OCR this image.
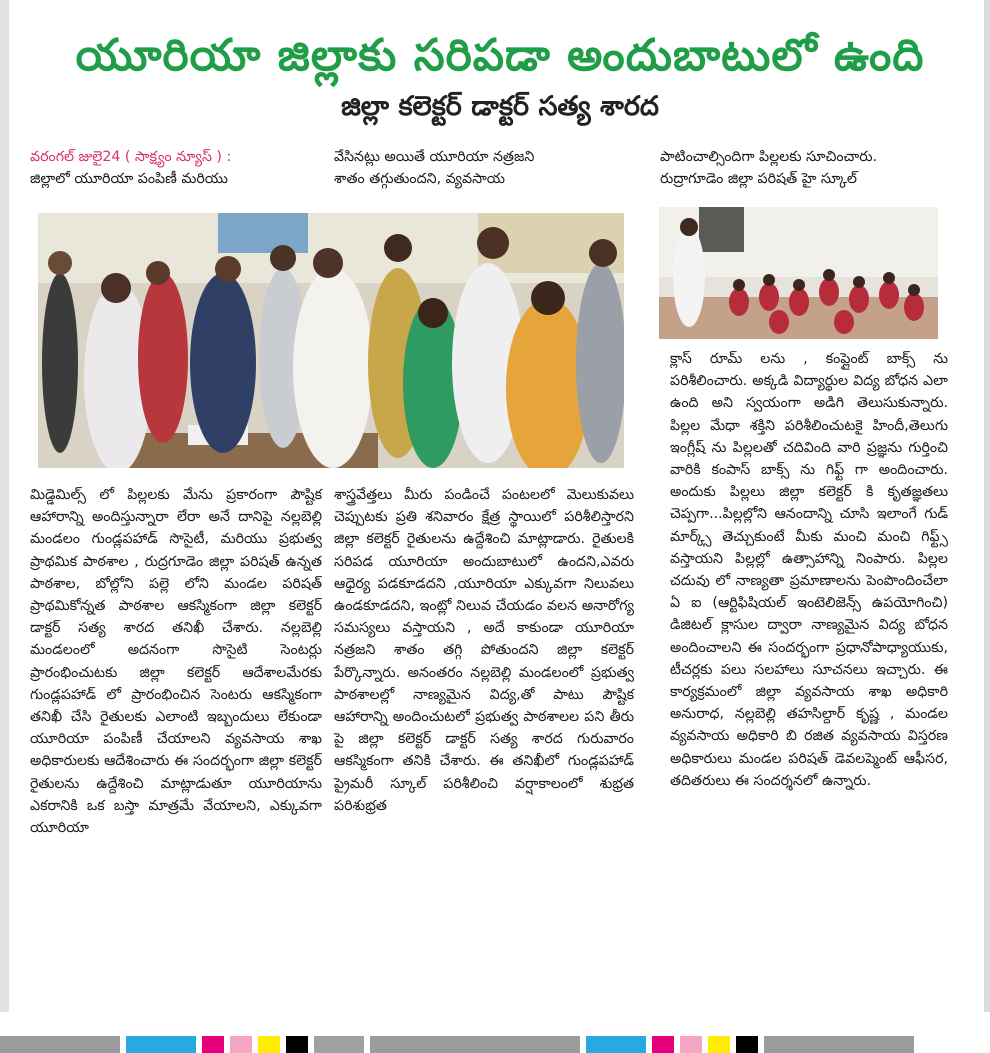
యూరియా జిల్లాకు సరిపడా అందుబాటులో ఉంది
జిల్లా కలెక్టర్ డాక్టర్ సత్య శారద

వరంగల్ జులై24 ( సాక్ష్యం న్యూస్ ) :

జిల్లాలో యూరియా పంపిణీ మరియు

వేసినట్లు అయితే యూరియా నత్రజని

శాతం తగ్గుతుందని, వ్యవసాయ

పాటించాల్సిందిగా పిల్లలకు సూచించారు.

రుద్రాగూడెం జిల్లా పరిషత్ హై స్కూల్

క్లాస్ రూమ్ లను , కంప్లైంట్ బాక్స్ ను పరిశీలించారు. అక్కడి విద్యార్థుల విద్య బోధన ఎలా ఉంది అని స్వయంగా అడిగి తెలుసుకున్నారు. పిల్లల మేధా శక్తిని పరిశీలించుటకై హిందీ,తెలుగు ఇంగ్లీష్ ను పిల్లలతో చదివింది వారి ప్రజ్ఞను గుర్తించి వారికి కంపాస్ బాక్స్ ను గిఫ్ట్ గా అందించారు. అందుకు పిల్లలు జిల్లా కలెక్టర్ కి కృతజ్ఞతలు చెప్పగా...పిల్లల్లోని ఆనందాన్ని చూసి ఇలాంగే గుడ్ మార్క్స్ తెచ్చుకుంటే మీకు మంచి మంచి గిఫ్ట్స్ వస్తాయని పిల్లల్లో ఉత్సాహాన్ని నింపారు. పిల్లల చదువు లో నాణ్యతా ప్రమాణాలను పెంపొందించేలా ఏ ఐ (ఆర్టిఫిషియల్ ఇంటెలిజెన్స్ ఉపయోగించి) డిజిటల్ క్లాసుల ద్వారా నాణ్యమైన విద్య బోధన అందించాలని ఈ సందర్భంగా ప్రధానోపాధ్యాయుకు, టీచర్లకు పలు సలహాలు సూచనలు ఇచ్చారు. ఈ కార్యక్రమంలో జిల్లా వ్యవసాయ శాఖ అధికారి అనురాధ, నల్లబెల్లి తహసిల్దార్ కృష్ణ , మండల వ్యవసాయ అధికారి బి రజిత వ్యవసాయ విస్తరణ అధికారులు మండల పరిషత్ డెవలప్మెంట్ ఆఫీసర, తదితరులు ఈ సందర్శనలో ఉన్నారు.

మిడ్డెమిల్స్ లో పిల్లలకు మేను ప్రకారంగా పౌష్టిక ఆహారాన్ని అందిస్తున్నారా లేరా అనే దానిపై నల్లబెల్లి మండలం గుండ్లపహాడ్ సొసైటీ, మరియు ప్రభుత్వ ప్రాథమిక పాఠశాల , రుద్రగూడెం జిల్లా పరిషత్ ఉన్నత పాఠశాల, బోల్లోని పల్లె లోని మండల పరిషత్ ప్రాథమికోన్నత పాఠశాల ఆకస్మికంగా జిల్లా కలెక్టర్ డాక్టర్ సత్య శారద తనిఖీ చేశారు. నల్లబెల్లి మండలంలో అదనంగా సొసైటి సెంటర్లు ప్రారంభించుటకు జిల్లా కలెక్టర్ ఆదేశాలమేరకు గుండ్లపహాడ్ లో ప్రారంభించిన సెంటరు ఆకస్మికంగా తనిఖీ చేసి రైతులకు ఎలాంటి ఇబ్బందులు లేకుండా యూరియా పంపిణీ చేయాలని వ్యవసాయ శాఖ అధికారులకు ఆదేశించారు ఈ సందర్భంగా జిల్లా కలెక్టర్ రైతులను ఉద్దేశించి మాట్లాడుతూ యూరియాను ఎకరానికి ఒక బస్తా మాత్రమే వేయాలని, ఎక్కువగా యూరియా

శాస్త్రవేత్తలు మీరు పండించే పంటలలో మెలుకువలు చెప్పుటకు ప్రతి శనివారం క్షేత్ర స్థాయిలో పరిశీలిస్తారని జిల్లా కలెక్టర్ రైతులను ఉద్దేశించి మాట్లాడారు. రైతులకి సరిపడ యూరియా అందుబాటులో ఉందని,ఎవరు ఆధైర్య పడకూడదని ,యూరియా ఎక్కువగా నిలువలు ఉండకూడదని, ఇంట్లో నిలువ చేయడం వలన అనారోగ్య సమస్యలు వస్తాయని , అదే కాకుండా యూరియా నత్రజని శాతం తగ్గి పోతుందని జిల్లా కలెక్టర్ పేర్కొన్నారు. అనంతరం నల్లబెల్లి మండలంలో ప్రభుత్వ పాఠశాలల్లో నాణ్యమైన విద్య,తో పాటు పౌష్టిక ఆహారాన్ని అందించుటలో ప్రభుత్వ పాఠశాలల పని తీరు పై జిల్లా కలెక్టర్ డాక్టర్ సత్య శారద గురువారం ఆకస్మికంగా తనికి చేశారు. ఈ తనిఖీలో గుండ్లపహాడ్ ప్రైమరీ స్కూల్ పరిశీలించి వర్షాకాలంలో శుభ్రత పరిశుభ్రత
